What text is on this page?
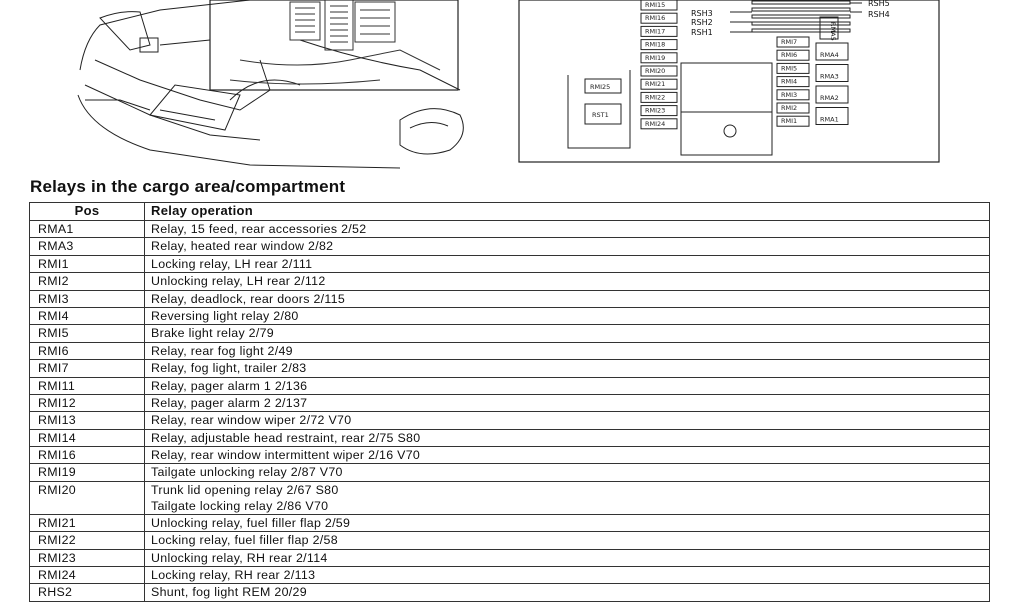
RSH5
RSH4
RSH3
RSH2
RSH1
RMI15
RMI16
RMI17
RMI18
RMI19
RMI20
RMI21
RMI22
RMI23
RMI24
RMI7
RMI6
RMI5
RMI4
RMI3
RMI2
RMI1
RMA4
RMA3
RMA2
RMA1
RMA5
RMI25
RST1
Relays in the cargo area/compartment
Pos	Relay operation
RMA1	Relay, 15 feed, rear accessories 2/52

RMA3	Relay, heated rear window 2/82

RMI1	Locking relay, LH rear 2/111

RMI2	Unlocking relay, LH rear 2/112

RMI3	Relay, deadlock, rear doors 2/115

RMI4	Reversing light relay 2/80

RMI5	Brake light relay 2/79

RMI6	Relay, rear fog light 2/49

RMI7	Relay, fog light, trailer 2/83

RMI11	Relay, pager alarm 1 2/136

RMI12	Relay, pager alarm 2 2/137

RMI13	Relay, rear window wiper 2/72 V70

RMI14	Relay, adjustable head restraint, rear 2/75 S80

RMI16	Relay, rear window intermittent wiper 2/16 V70

RMI19	Tailgate unlocking relay 2/87 V70

RMI20	Trunk lid opening relay 2/67 S80
Tailgate locking relay 2/86 V70

RMI21	Unlocking relay, fuel filler flap 2/59

RMI22	Locking relay, fuel filler flap 2/58

RMI23	Unlocking relay, RH rear 2/114

RMI24	Locking relay, RH rear 2/113

RHS2	Shunt, fog light REM 20/29
